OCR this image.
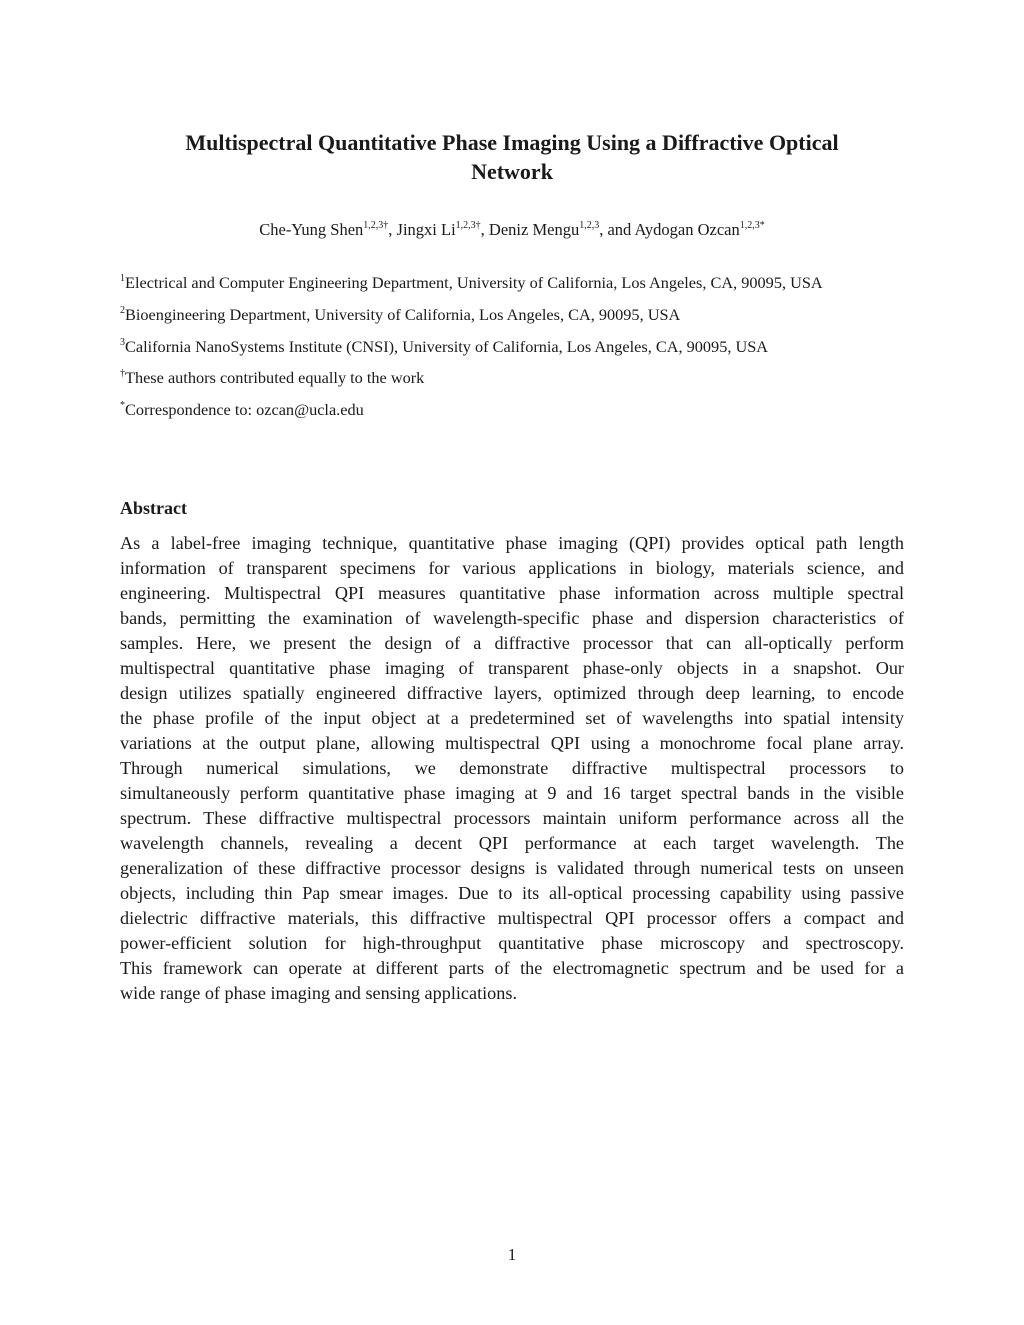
Multispectral Quantitative Phase Imaging Using a Diffractive Optical
Network
Che-Yung Shen$^{1,2,3\dagger}$, Jingxi $Li^{1,2,3\dagger}$, Deniz Mengu$^{1,2,3}$, and Aydogan Ozcan$^{1,2,3*}$
$^1$Electrical and Computer Engineering Department, University of California, Los Angeles, CA, 90095, USA
$^2$Bioengineering Department, University of California, Los Angeles, CA, 90095, USA
$^3$California NanoSystems Institute (CNSI), University of California, Los Angeles, CA, 90095, USA
†These authors contributed equally to the work
*Correspondence to: ozcan@ucla.edu
Abstract
As a label-free imaging technique, quantitative phase imaging (QPI) provides optical path length
information of transparent specimens for various applications in biology, materials science, and
engineering. Multispectral QPI measures quantitative phase information across multiple spectral
bands, permitting the examination of wavelength-specific phase and dispersion characteristics of
samples. Here, we present the design of a diffractive processor that can all-optically perform
multispectral quantitative phase imaging of transparent phase-only objects in a snapshot. Our
design utilizes spatially engineered diffractive layers, optimized through deep learning, to encode
the phase profile of the input object at a predetermined set of wavelengths into spatial intensity
variations at the output plane, allowing multispectral QPI using a monochrome focal plane array.
Through numerical simulations, we demonstrate diffractive multispectral processors to
simultaneously perform quantitative phase imaging at 9 and 16 target spectral bands in the visible
spectrum. These diffractive multispectral processors maintain uniform performance across all the
wavelength channels, revealing a decent QPI performance at each target wavelength. The
generalization of these diffractive processor designs is validated through numerical tests on unseen
objects, including thin Pap smear images. Due to its all-optical processing capability using passive
dielectric diffractive materials, this diffractive multispectral QPI processor offers a compact and
power-efficient solution for high-throughput quantitative phase microscopy and spectroscopy.
This framework can operate at different parts of the electromagnetic spectrum and be used for a
wide range of phase imaging and sensing applications.
1
